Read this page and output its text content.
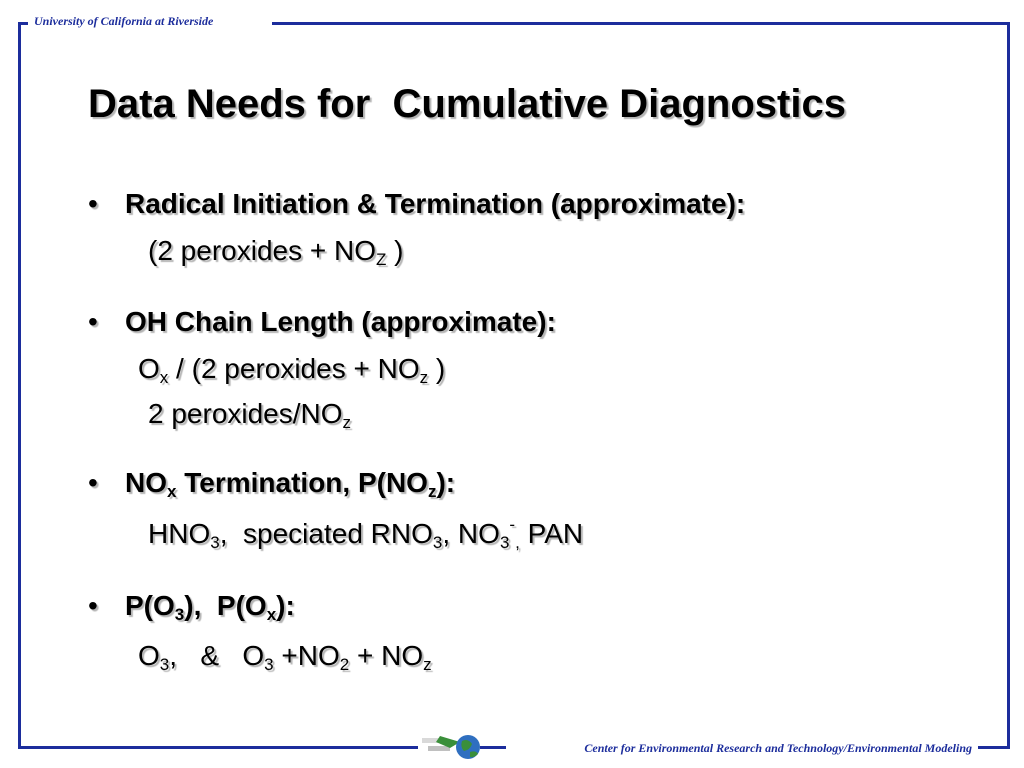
University of California at Riverside
Center for Environmental Research and Technology/Environmental Modeling
Data Needs for  Cumulative Diagnostics
• Radical Initiation & Termination (approximate):
(2 peroxides + $NO_Z$ )
• OH Chain Length (approximate):
$O_x / (2$ peroxides + $NO_z$ )
2 peroxides/$NO_z$
• $NO_x$ Termination, $P(NO_z)$:
$HNO_3$,  speciated $RNO_3$, $NO_3^-_,$ PAN
• $P(O_3)$,  $P(O_x)$:
$O_3$,   &   $O_3 +NO_2 + NO_z$
